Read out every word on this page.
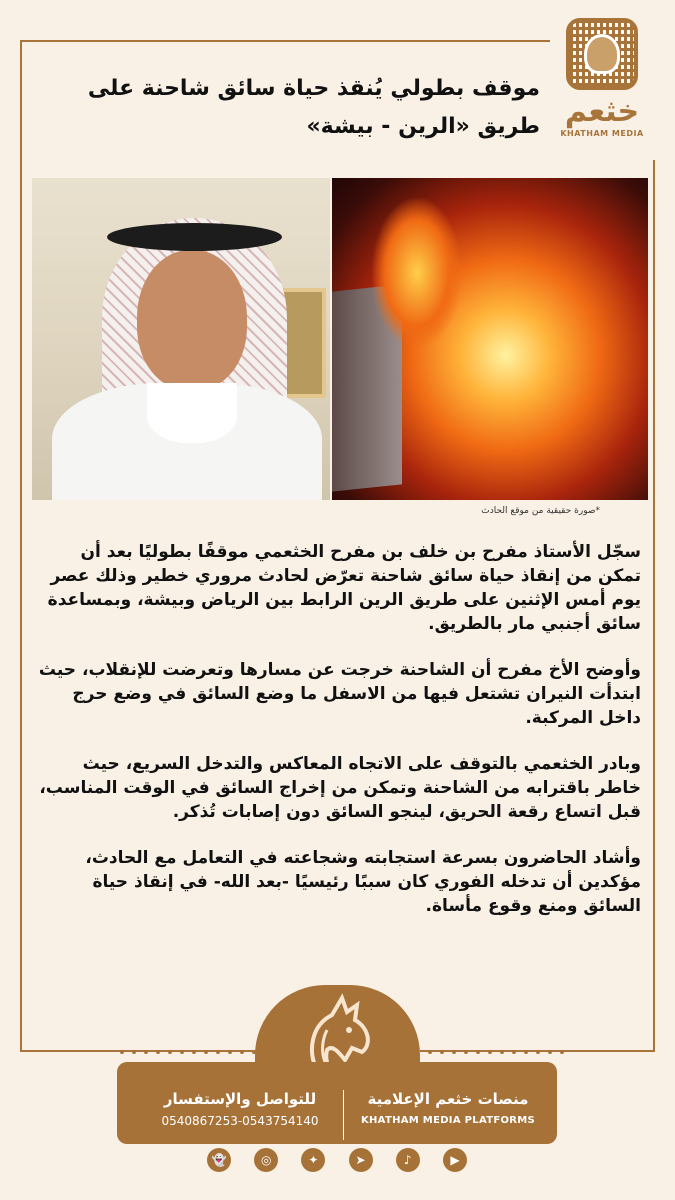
خثعم
KHATHAM MEDIA
موقف بطولي يُنقذ حياة سائق شاحنة على طريق «الرين - بيشة»
*صورة حقيقية من موقع الحادث

سجّل الأستاذ مفرح بن خلف بن مفرح الخثعمي موقفًا بطوليًا بعد أن تمكن من إنقاذ حياة سائق شاحنة تعرّض لحادث مروري خطير وذلك عصر يوم أمس الإثنين على طريق الرين الرابط بين الرياض وبيشة، وبمساعدة سائق أجنبي مار بالطريق.

وأوضح الأخ مفرح أن الشاحنة خرجت عن مسارها وتعرضت للإنقلاب، حيث ابتدأت النيران تشتعل فيها من الاسفل ما وضع السائق في وضع حرج داخل المركبة.

وبادر الخثعمي بالتوقف على الاتجاه المعاكس والتدخل السريع، حيث خاطر باقترابه من الشاحنة وتمكن من إخراج السائق في الوقت المناسب، قبل اتساع رقعة الحريق، لينجو السائق دون إصابات تُذكر.

وأشاد الحاضرون بسرعة استجابته وشجاعته في التعامل مع الحادث، مؤكدين أن تدخله الفوري كان سببًا رئيسيًا -بعد الله- في إنقاذ حياة السائق ومنع وقوع مأساة.

للتواصل والإستفسار
0540867253-0543754140
منصات خثعم الإعلامية
KHATHAM MEDIA PLATFORMS
👻	◎	✦	➤	♪	▶
